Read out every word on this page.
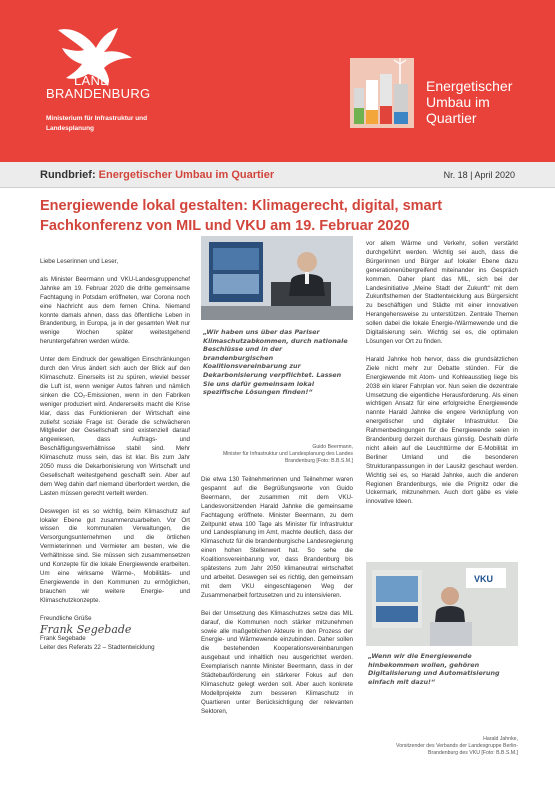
LAND
BRANDENBURG
Ministerium für Infrastruktur und Landesplanung
Energetischer Umbau im Quartier
Rundbrief: Energetischer Umbau im Quartier	Nr. 18 | April 2020
Energiewende lokal gestalten: Klimagerecht, digital, smart
Fachkonferenz von MIL und VKU am 19. Februar 2020

Liebe Leserinnen und Leser,

als Minister Beermann und VKU-Landesgruppenchef Jahnke am 19. Februar 2020 die dritte gemeinsame Fachtagung in Potsdam eröffneten, war Corona noch eine Nachricht aus dem fernen China. Niemand konnte damals ahnen, dass das öffentliche Leben in Brandenburg, in Europa, ja in der gesamten Welt nur wenige Wochen später weitestgehend heruntergefahren werden würde.

Unter dem Eindruck der gewaltigen Einschränkungen durch den Virus ändert sich auch der Blick auf den Klimaschutz. Einerseits ist zu spüren, wieviel besser die Luft ist, wenn weniger Autos fahren und nämlich sinken die CO₂-Emissionen, wenn in den Fabriken weniger produziert wird. Andererseits macht die Krise klar, dass das Funktionieren der Wirtschaft eine zutiefst soziale Frage ist: Gerade die schwächeren Mitglieder der Gesellschaft sind existenziell darauf angewiesen, dass Auftrags- und Beschäftigungsverhältnisse stabil sind. Mehr Klimaschutz muss sein, das ist klar. Bis zum Jahr 2050 muss die Dekarbonisierung von Wirtschaft und Gesellschaft weitestgehend geschafft sein. Aber auf dem Weg dahin darf niemand überfordert werden, die Lasten müssen gerecht verteilt werden.

Deswegen ist es so wichtig, beim Klimaschutz auf lokaler Ebene gut zusammenzuarbeiten. Vor Ort wissen die kommunalen Verwaltungen, die Versorgungsunternehmen und die örtlichen Vermieterinnen und Vermieter am besten, wie die Verhältnisse sind. Sie müssen sich zusammensetzen und Konzepte für die lokale Energiewende erarbeiten. Um eine wirksame Wärme-, Mobilitäts- und Energiewende in den Kommunen zu ermöglichen, brauchen wir weitere Energie- und Klimaschutzkonzepte.

Freundliche Grüße
Frank Segebade
Frank Segebade
Leiter des Referats 22 – Stadtentwicklung
„Wir haben uns über das Pariser Klimaschutzabkommen, durch nationale Beschlüsse und in der brandenburgischen Koalitionsvereinbarung zur Dekarbonisierung verpflichtet. Lassen Sie uns dafür gemeinsam lokal spezifische Lösungen finden!“
Guido Beermann,
Minister für Infrastruktur und Landesplanung des Landes Brandenburg [Foto: B.B.S.M.]

Die etwa 130 Teilnehmerinnen und Teilnehmer waren gespannt auf die Begrüßungsworte von Guido Beermann, der zusammen mit dem VKU-Landesvorsitzenden Harald Jahnke die gemeinsame Fachtagung eröffnete. Minister Beermann, zu dem Zeitpunkt etwa 100 Tage als Minister für Infrastruktur und Landesplanung im Amt, machte deutlich, dass der Klimaschutz für die brandenburgische Landesregierung einen hohen Stellenwert hat. So sehe die Koalitionsvereinbarung vor, dass Brandenburg bis spätestens zum Jahr 2050 klimaneutral wirtschaftet und arbeitet. Deswegen sei es richtig, den gemeinsam mit dem VKU eingeschlagenen Weg der Zusammenarbeit fortzusetzen und zu intensivieren.

Bei der Umsetzung des Klimaschutzes setze das MIL darauf, die Kommunen noch stärker mitzunehmen sowie alle maßgeblichen Akteure in den Prozess der Energie- und Wärmewende einzubinden. Daher sollen die bestehenden Kooperationsvereinbarungen ausgebaut und inhaltlich neu ausgerichtet werden. Exemplarisch nannte Minister Beermann, dass in der Städtebauförderung ein stärkerer Fokus auf den Klimaschutz gelegt werden soll. Aber auch konkrete Modellprojekte zum besseren Klimaschutz in Quartieren unter Berücksichtigung der relevanten Sektoren,

vor allem Wärme und Verkehr, sollen verstärkt durchgeführt werden. Wichtig sei auch, dass die Bürgerinnen und Bürger auf lokaler Ebene dazu generationenübergreifend miteinander ins Gespräch kommen. Daher plant das MIL, sich bei der Landesinitiative „Meine Stadt der Zukunft“ mit dem Zukunftsthemen der Stadtentwicklung aus Bürgersicht zu beschäftigen und Städte mit einer innovativen Herangehensweise zu unterstützen. Zentrale Themen sollen dabei die lokale Energie-/Wärmewende und die Digitalisierung sein. Wichtig sei es, die optimalen Lösungen vor Ort zu finden.

Harald Jahnke hob hervor, dass die grundsätzlichen Ziele nicht mehr zur Debatte stünden. Für die Energiewende mit Atom- und Kohleausstieg liege bis 2038 ein klarer Fahrplan vor. Nun seien die dezentrale Umsetzung die eigentliche Herausforderung. Als einen wichtigen Ansatz für eine erfolgreiche Energiewende nannte Harald Jahnke die engere Verknüpfung von energetischer und digitaler Infrastruktur. Die Rahmenbedingungen für die Energiewende seien in Brandenburg derzeit durchaus günstig. Deshalb dürfe nicht allein auf die Leuchttürme der E-Mobilität im Berliner Umland und die besonderen Strukturanpassungen in der Lausitz geschaut werden. Wichtig sei es, so Harald Jahnke, auch die anderen Regionen Brandenburgs, wie die Prignitz oder die Uckermark, mitzunehmen. Auch dort gäbe es viele innovative Ideen.

VKU
„Wenn wir die Energiewende hinbekommen wollen, gehören Digitalisierung und Automatisierung einfach mit dazu!“
Harald Jahnke,
Vorsitzender des Verbands der Landesgruppe Berlin-Brandenburg des VKU [Foto: B.B.S.M.]
